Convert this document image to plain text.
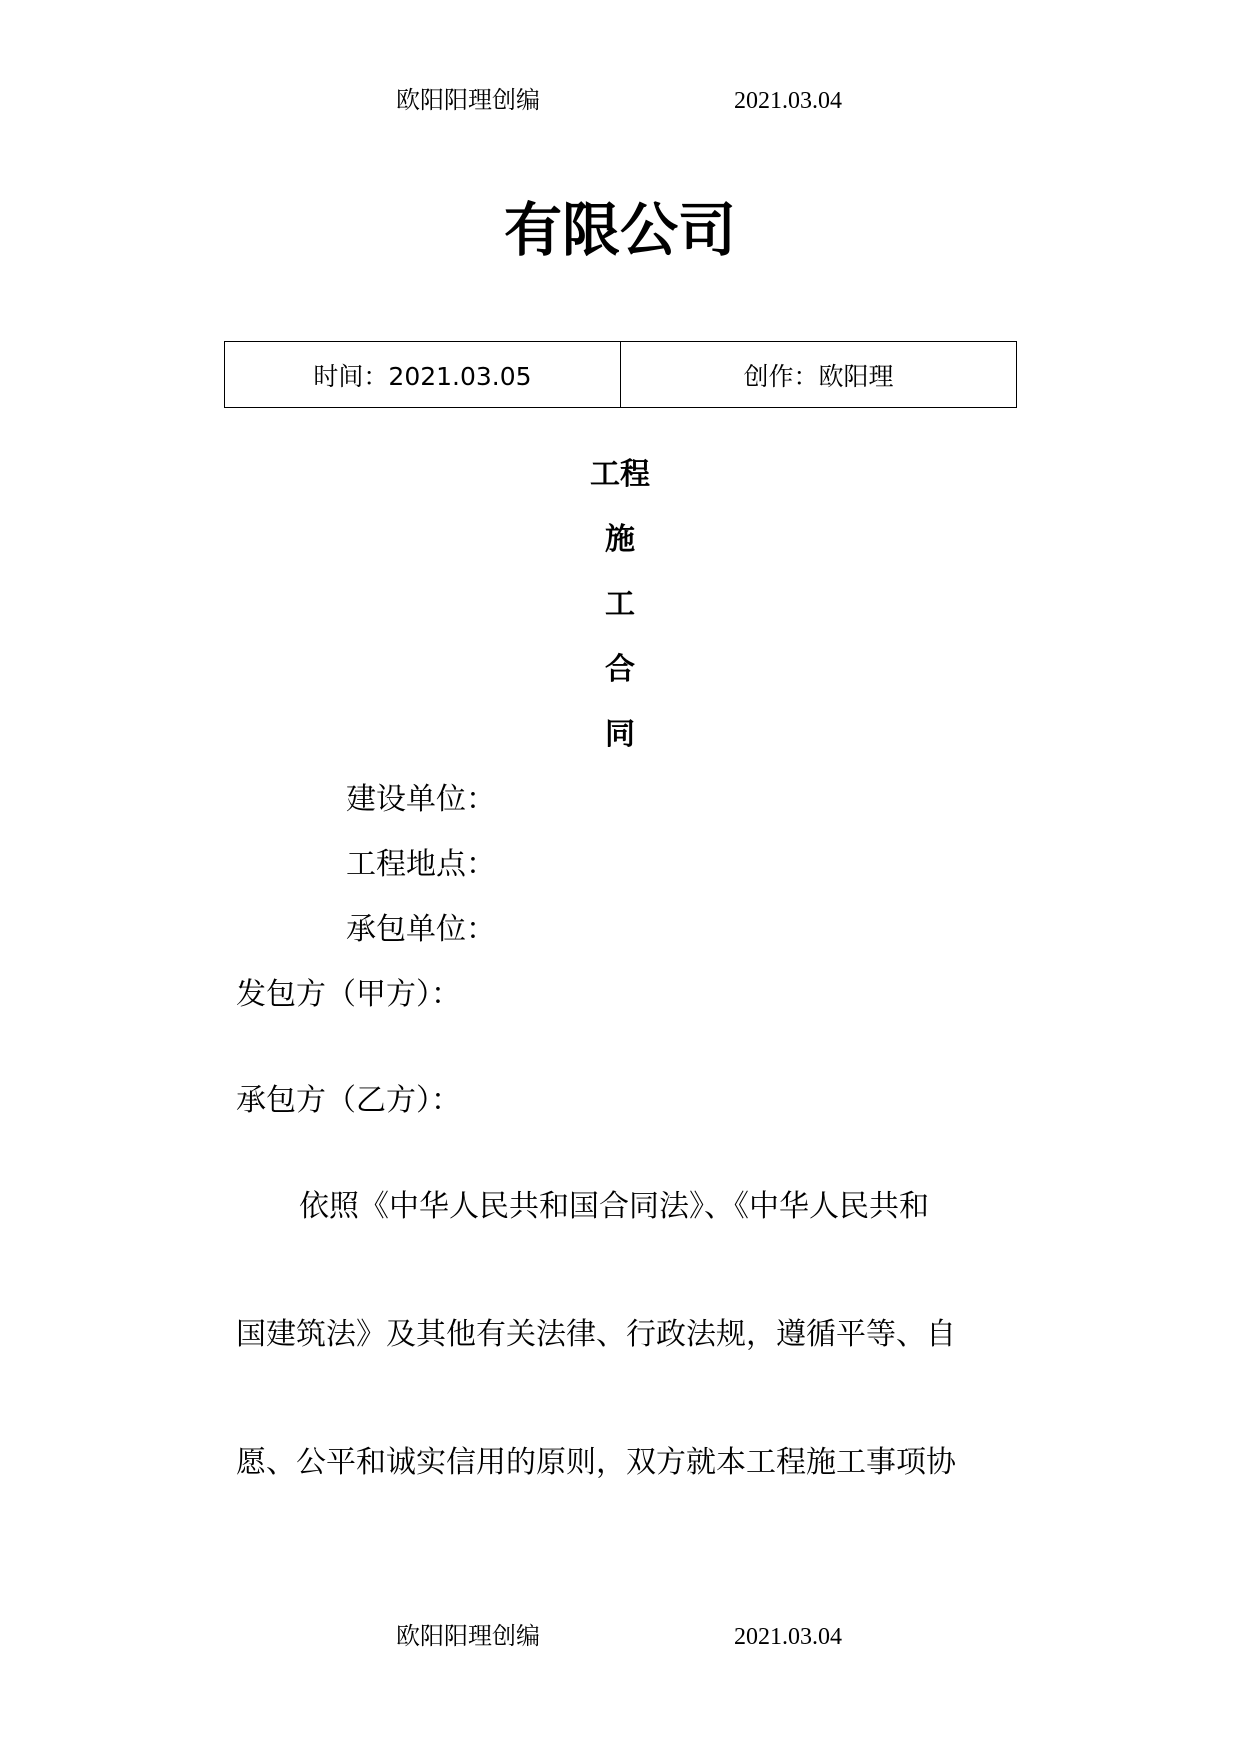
欧阳阳理创编	2021.03.04
有限公司
时间：2021.03.05	创作：欧阳理
工程
施
工
合
同
建设单位：
工程地点：
承包单位：
发包方（甲方）：
承包方（乙方）：
依照《中华人民共和国合同法》、《中华人民共和
国建筑法》及其他有关法律、行政法规，遵循平等、自
愿、公平和诚实信用的原则，双方就本工程施工事项协
欧阳阳理创编	2021.03.04
